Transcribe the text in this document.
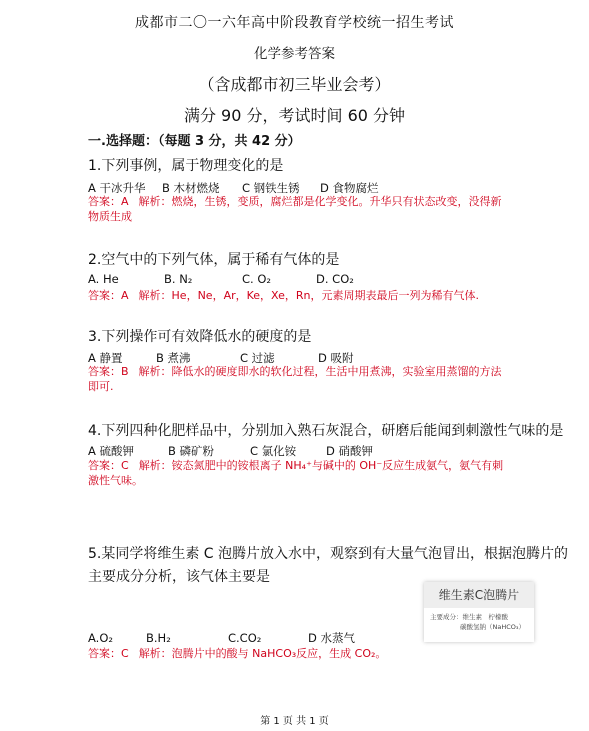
成都市二〇一六年高中阶段教育学校统一招生考试
化学参考答案
（含成都市初三毕业会考）
满分 90 分，考试时间 60 分钟
一.选择题：（每题 3 分，共 42 分）
1.下列事例，属于物理变化的是
A 干冰升华 B 木材燃烧 C 钢铁生锈 D 食物腐烂
答案：A 解析：燃烧，生锈，变质，腐烂都是化学变化。升华只有状态改变，没得新物质生成
2.空气中的下列气体，属于稀有气体的是
A. He	B. N₂	C. O₂	D. CO₂
答案：A 解析：He，Ne，Ar，Ke，Xe，Rn，元素周期表最后一列为稀有气体.
3.下列操作可有效降低水的硬度的是
A 静置	B 煮沸	C 过滤	D 吸附
答案：B 解析：降低水的硬度即水的软化过程，生活中用煮沸，实验室用蒸馏的方法即可.
4.下列四种化肥样品中，分别加入熟石灰混合，研磨后能闻到刺激性气味的是
A 硫酸钾	B 磷矿粉	C 氯化铵	D 硝酸钾
答案：C 解析：铵态氮肥中的铵根离子 NH₄⁺与碱中的 OH⁻反应生成氨气，氨气有刺激性气味。
5.某同学将维生素 C 泡腾片放入水中，观察到有大量气泡冒出，根据泡腾片的
主要成分分析，该气体主要是
维生素C泡腾片
主要成分：维生素　柠檬酸
碳酸氢钠（NaHCO₃）
A.O₂	B.H₂	C.CO₂	D 水蒸气
答案：C 解析：泡腾片中的酸与 NaHCO₃反应，生成 CO₂。
第 1 页 共 1 页
